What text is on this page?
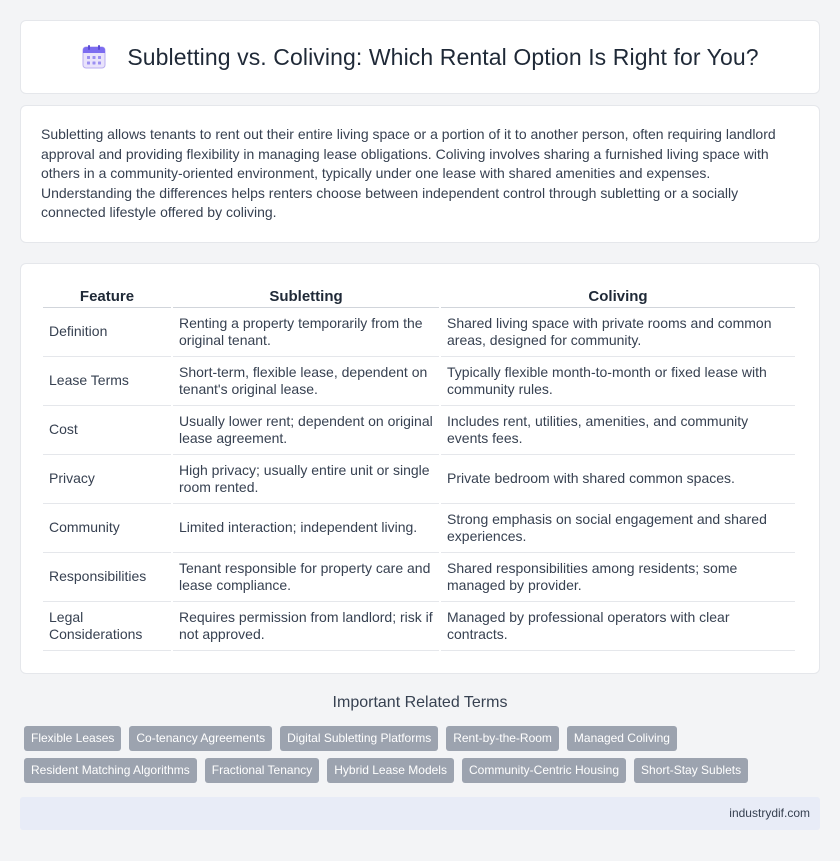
Subletting vs. Coliving: Which Rental Option Is Right for You?

Subletting allows tenants to rent out their entire living space or a portion of it to another person, often requiring landlord approval and providing flexibility in managing lease obligations. Coliving involves sharing a furnished living space with others in a community-oriented environment, typically under one lease with shared amenities and expenses. Understanding the differences helps renters choose between independent control through subletting or a socially connected lifestyle offered by coliving.

Feature	Subletting	Coliving
Definition	Renting a property temporarily from the original tenant.	Shared living space with private rooms and common areas, designed for community.
Lease Terms	Short-term, flexible lease, dependent on tenant's original lease.	Typically flexible month-to-month or fixed lease with community rules.
Cost	Usually lower rent; dependent on original lease agreement.	Includes rent, utilities, amenities, and community events fees.
Privacy	High privacy; usually entire unit or single room rented.	Private bedroom with shared common spaces.
Community	Limited interaction; independent living.	Strong emphasis on social engagement and shared experiences.
Responsibilities	Tenant responsible for property care and lease compliance.	Shared responsibilities among residents; some managed by provider.
Legal Considerations	Requires permission from landlord; risk if not approved.	Managed by professional operators with clear contracts.
Important Related Terms
Flexible Leases	Co-tenancy Agreements	Digital Subletting Platforms	Rent-by-the-Room	Managed Coliving
Resident Matching Algorithms	Fractional Tenancy	Hybrid Lease Models	Community-Centric Housing	Short-Stay Sublets
industrydif.com
